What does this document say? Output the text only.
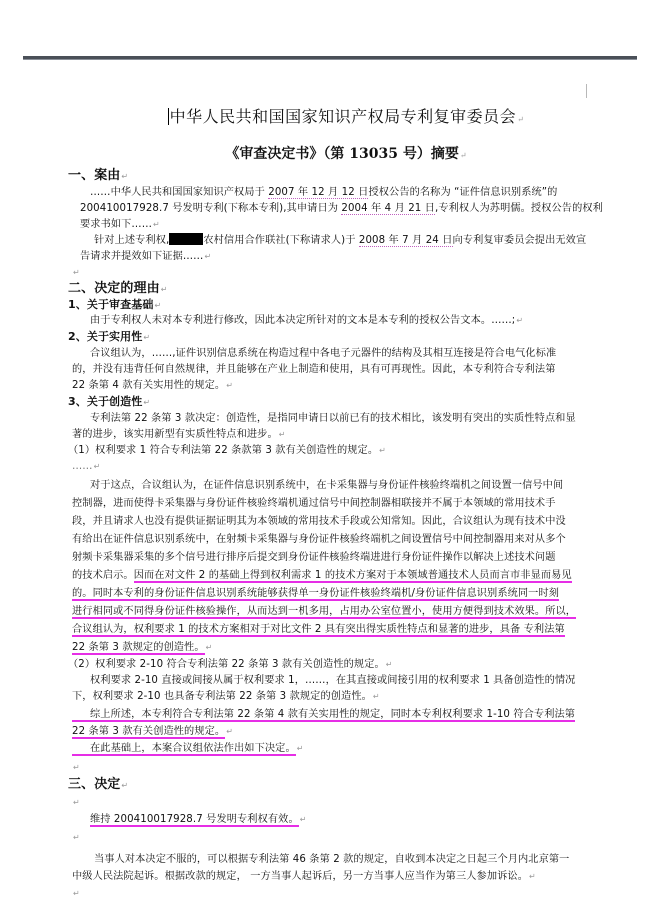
中华人民共和国国家知识产权局专利复审委员会↵
《审查决定书》（第 13035 号）摘要↵
一、案由↵
……中华人民共和国国家知识产权局于 2007 年 12 月 12 日授权公告的名称为 “证件信息识别系统”的
200410017928.7 号发明专利(下称本专利),其申请日为 2004 年 4 月 21 日,专利权人为苏明儒。授权公告的权利
要求书如下……↵
针对上述专利权,	农村信用合作联社(下称请求人)于 2008 年 7 月 24 日向专利复审委员会提出无效宣
告请求并提效如下证据……↵
↵
二、决定的理由↵
1、关于审查基础↵
由于专利权人未对本专利进行修改，因此本决定所针对的文本是本专利的授权公告文本。……;↵
2、关于实用性↵
合议组认为，……,证件识别信息系统在构造过程中各电子元器件的结构及其相互连接是符合电气化标准
的，并没有违背任何自然规律，并且能够在产业上制造和使用，具有可再现性。因此，本专利符合专利法第
22 条第 4 款有关实用性的规定。↵
3、关于创造性↵
专利法第 22 条第 3 款决定：创造性，是指同申请日以前已有的技术相比，该发明有突出的实质性特点和显
著的进步，该实用新型有实质性特点和进步。↵
（1）权利要求 1 符合专利法第 22 条款第 3 款有关创造性的规定。↵
……↵
对于这点，合议组认为，在证件信息识别系统中，在卡采集器与身份证件核验终端机之间设置一信号中间
控制器，进而使得卡采集器与身份证件核验终端机通过信号中间控制器相联接并不属于本领域的常用技术手
段，并且请求人也没有提供证据证明其为本领域的常用技术手段或公知常知。因此，合议组认为现有技术中没
有给出在证件信息识别系统中，在射频卡采集器与身份证件核验终端机之间设置信号中间控制器用来对从多个
射频卡采集器采集的多个信号进行排序后提交到身份证件核验终端进进行身份证件操作以解决上述技术问题
的技术启示。因而在对文件 2 的基础上得到权利需求 1 的技术方案对于本领域普通技术人员而言市非显而易见
的。同时本专利的身份证件信息识别系统能够获得单一身份证件核验终端机/身份证件信息识别系统同一时刻
进行相同或不同得身份证件核验操作，从而达到一机多用，占用办公室位置小，使用方便得到技术效果。所以，
合议组认为，权利要求 1 的技术方案相对于对比文件 2 具有突出得实质性特点和显著的进步，具备 专利法第
22 条第 3 款规定的创造性。↵
（2）权利要求 2-10 符合专利法第 22 条第 3 款有关创造性的规定。↵
权利要求 2-10 直接或间接从属于权利要求 1，……，在其直接或间接引用的权利要求 1 具备创造性的情况
下，权利要求 2-10 也具备专利法第 22 条第 3 款规定的创造性。↵
综上所述，本专利符合专利法第 22 条第 4 款有关实用性的规定，同时本专利权利要求 1-10 符合专利法第
22 条第 3 款有关创造性的规定。↵
在此基础上，本案合议组依法作出如下决定。↵
↵
三、决定↵
↵
维持 200410017928.7 号发明专利权有效。↵
↵
当事人对本决定不服的，可以根据专利法第 46 条第 2 款的规定，自收到本决定之日起三个月内北京第一
中级人民法院起诉。根据改款的规定， 一方当事人起诉后，另一方当事人应当作为第三人参加诉讼。↵
↵
